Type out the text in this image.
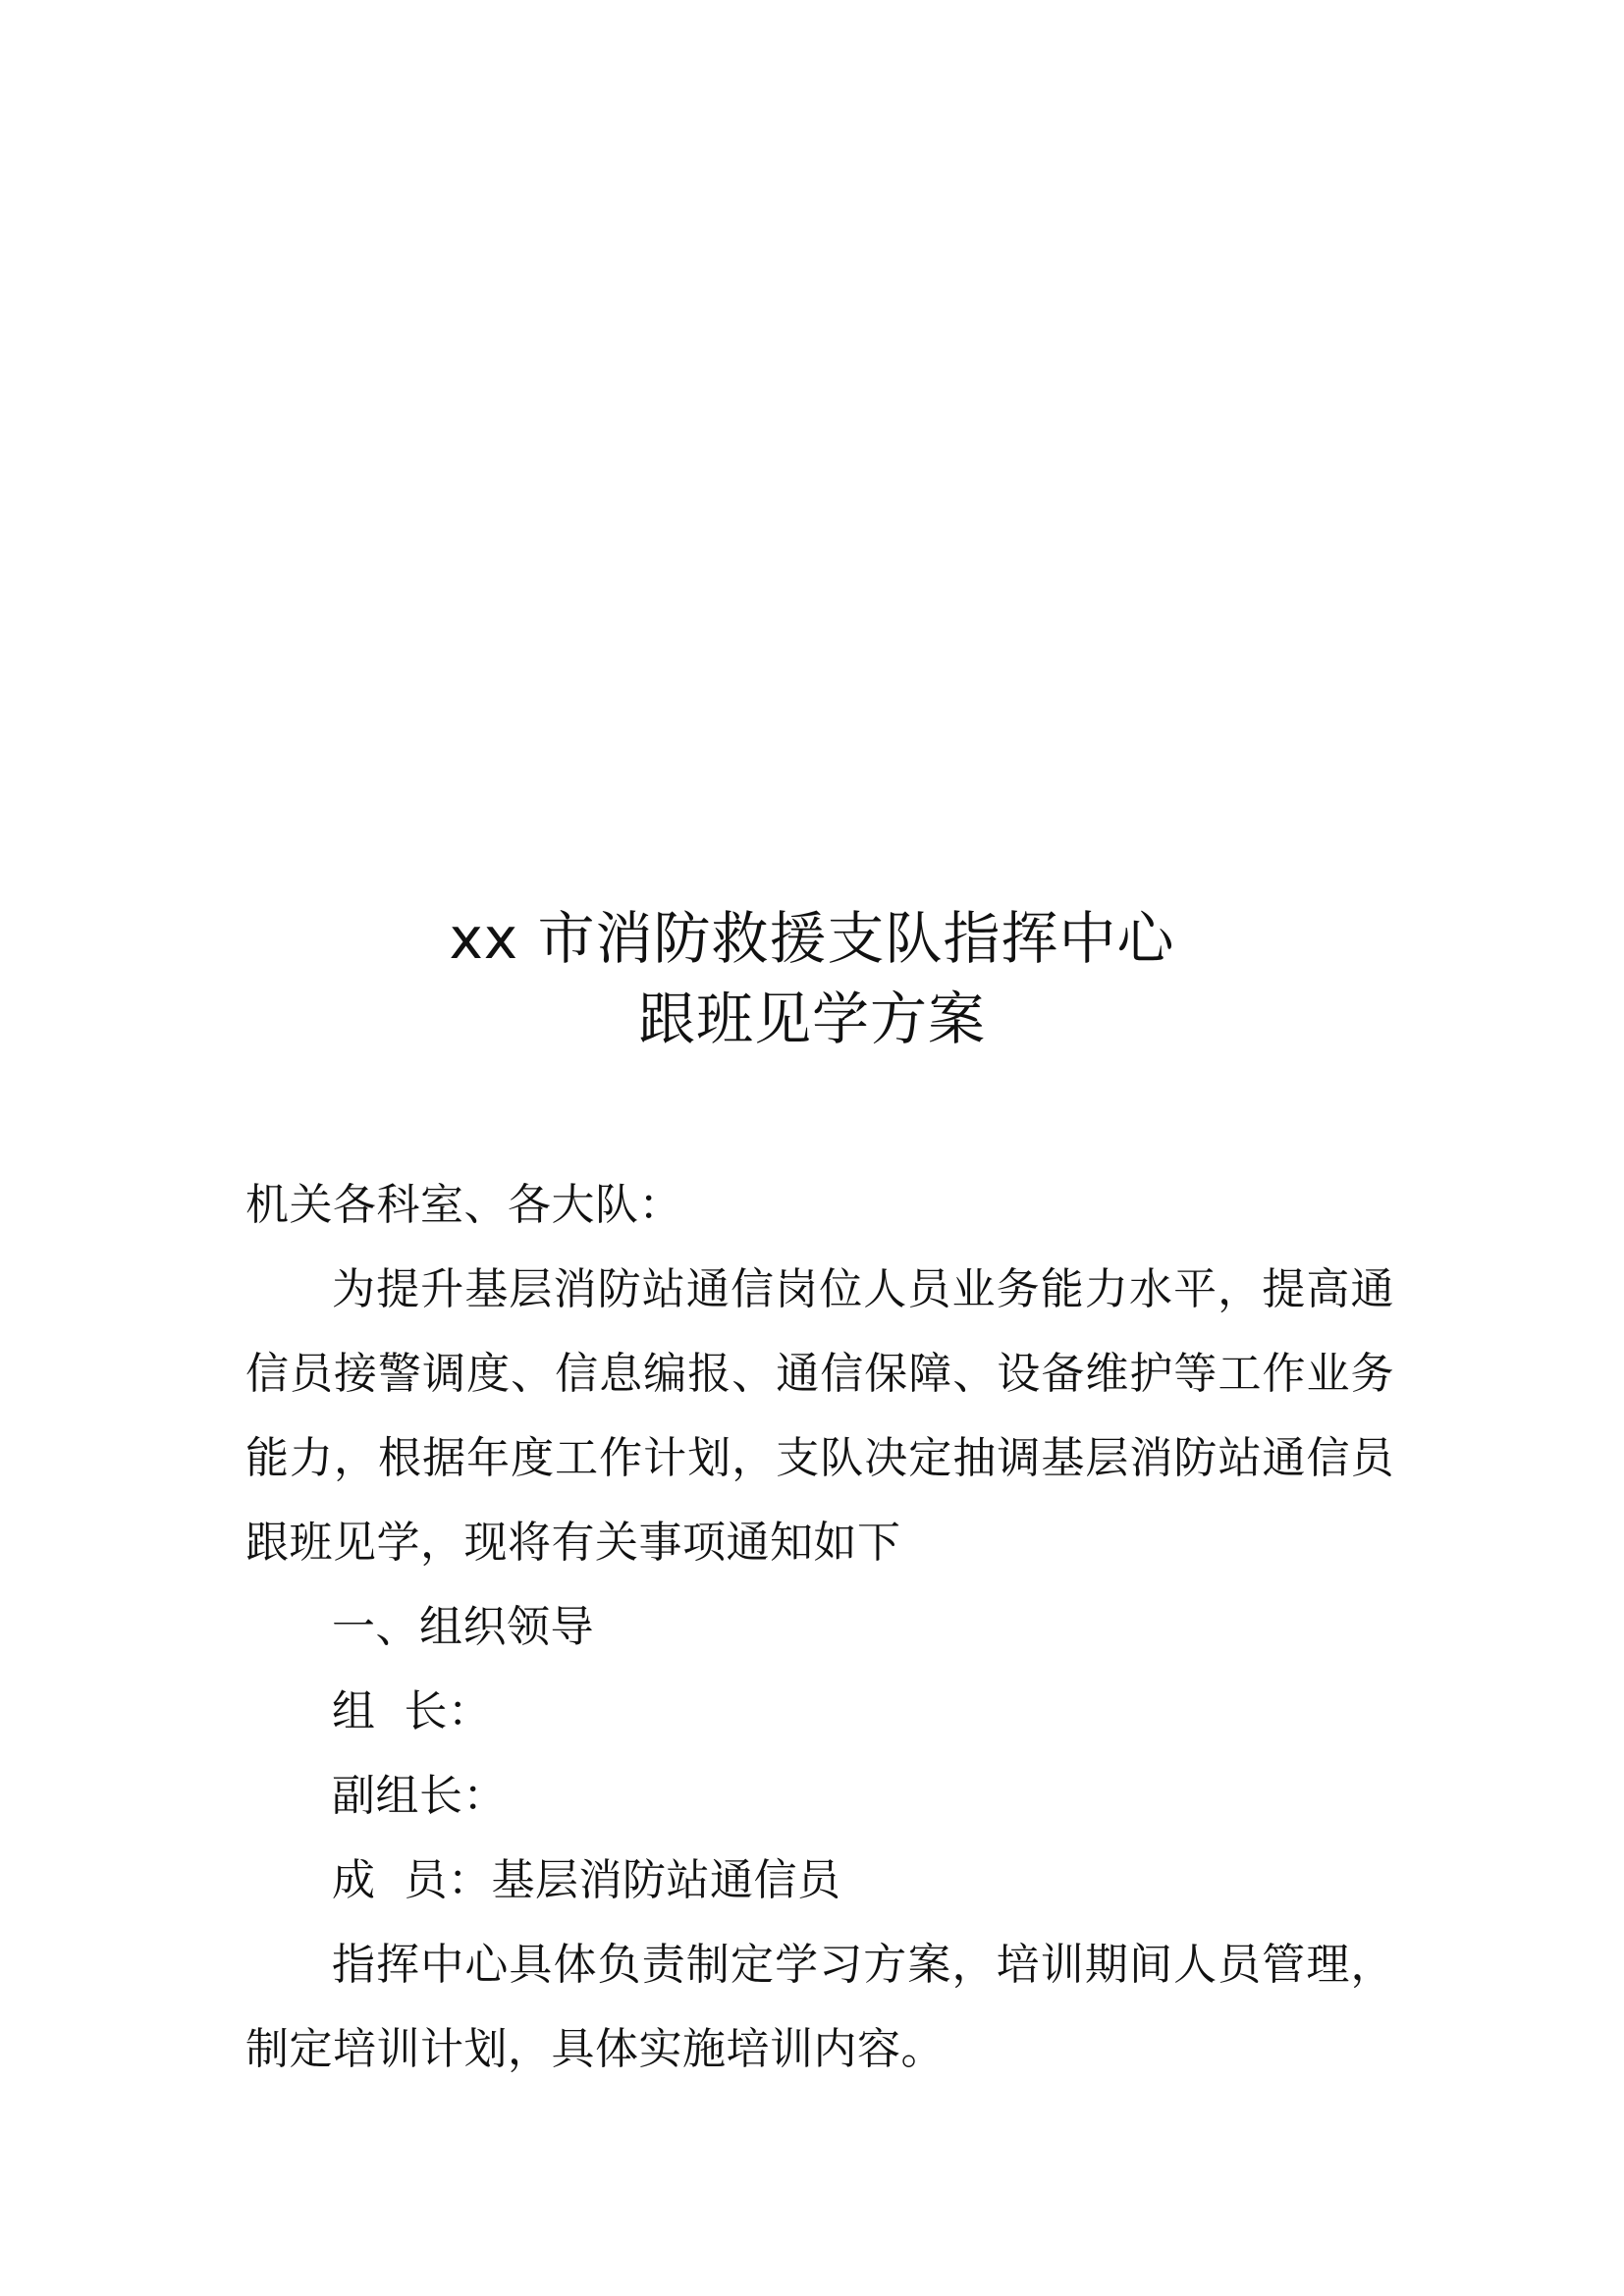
xx 市消防救援支队指挥中心
跟班见学方案

机关各科室、各大队：

为提升基层消防站通信岗位人员业务能力水平，提高通信员接警调度、信息编报、通信保障、设备维护等工作业务能力，根据年度工作计划，支队决定抽调基层消防站通信员跟班见学，现将有关事项通知如下

一、组织领导

组  长：

副组长：

成  员：基层消防站通信员

指挥中心具体负责制定学习方案，培训期间人员管理，制定培训计划，具体实施培训内容。
